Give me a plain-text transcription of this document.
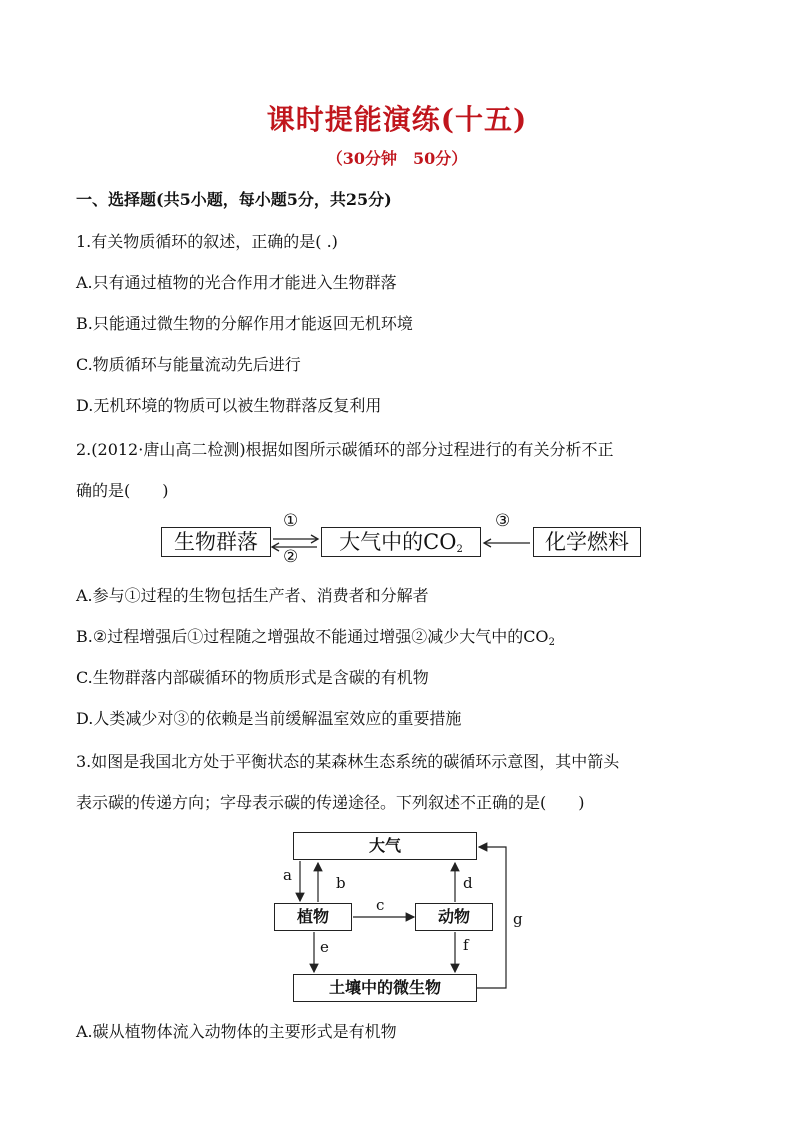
课时提能演练(十五)
（30分钟　50分）
一、选择题(共5小题，每小题5分，共25分)
1.有关物质循环的叙述，正确的是( .)
A.只有通过植物的光合作用才能进入生物群落
B.只能通过微生物的分解作用才能返回无机环境
C.物质循环与能量流动先后进行
D.无机环境的物质可以被生物群落反复利用
2.(2012·唐山高二检测)根据如图所示碳循环的部分过程进行的有关分析不正
确的是(　　)
生物群落	大气中的$CO_2$	化学燃料
①
②
③
A.参与①过程的生物包括生产者、消费者和分解者
B.②过程增强后①过程随之增强故不能通过增强②减少大气中的$CO_2$
C.生物群落内部碳循环的物质形式是含碳的有机物
D.人类减少对③的依赖是当前缓解温室效应的重要措施
3.如图是我国北方处于平衡状态的某森林生态系统的碳循环示意图，其中箭头
表示碳的传递方向；字母表示碳的传递途径。下列叙述不正确的是(　　)
大气
植物	动物
土壤中的微生物
a	b
c
d
e	f
g
A.碳从植物体流入动物体的主要形式是有机物
